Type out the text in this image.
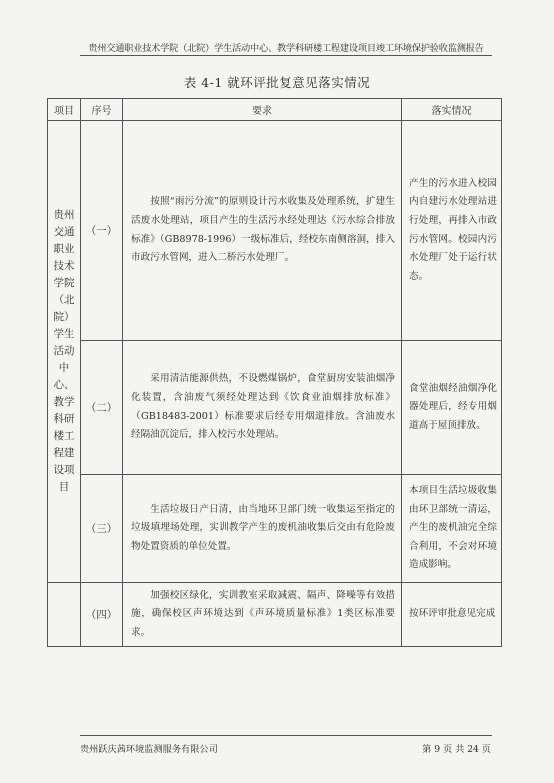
贵州交通职业技术学院（北院）学生活动中心、教学科研楼工程建设项目竣工环境保护验收监测报告
表 4-1 就环评批复意见落实情况
项目	序号	要求	落实情况
贵州交通职业技术学院（北院）学生活动中心、教学科研楼工程建设项目	（一）	按照“雨污分流”的原则设计污水收集及处理系统，扩建生活废水处理站，项目产生的生活污水经处理达《污水综合排放标准》（GB8978-1996）一级标准后，经校东南侧溶洞，排入市政污水管网，进入二桥污水处理厂。	产生的污水进入校园内自建污水处理站进行处理，再排入市政污水管网。校园内污水处理厂处于运行状态。
	（二）	采用清洁能源供热，不设燃煤锅炉，食堂厨房安装油烟净化装置，含油废气须经处理达到《饮食业油烟排放标准》（GB18483-2001）标准要求后经专用烟道排放。含油废水经隔油沉淀后，排入校污水处理站。	食堂油烟经油烟净化器处理后，经专用烟道高于屋顶排放。
	（三）	生活垃圾日产日清，由当地环卫部门统一收集运至指定的垃圾填埋场处理，实训教学产生的废机油收集后交由有危险废物处置资质的单位处置。	本项目生活垃圾收集由环卫部统一清运，产生的废机油完全综合利用，不会对环境造成影响。
	（四）	加强校区绿化，实训教室采取减震、隔声、降噪等有效措施，确保校区声环境达到《声环境质量标准》1类区标准要求。	按环评审批意见完成
贵州跃庆茜环境监测服务有限公司	第 9 页 共 24 页
